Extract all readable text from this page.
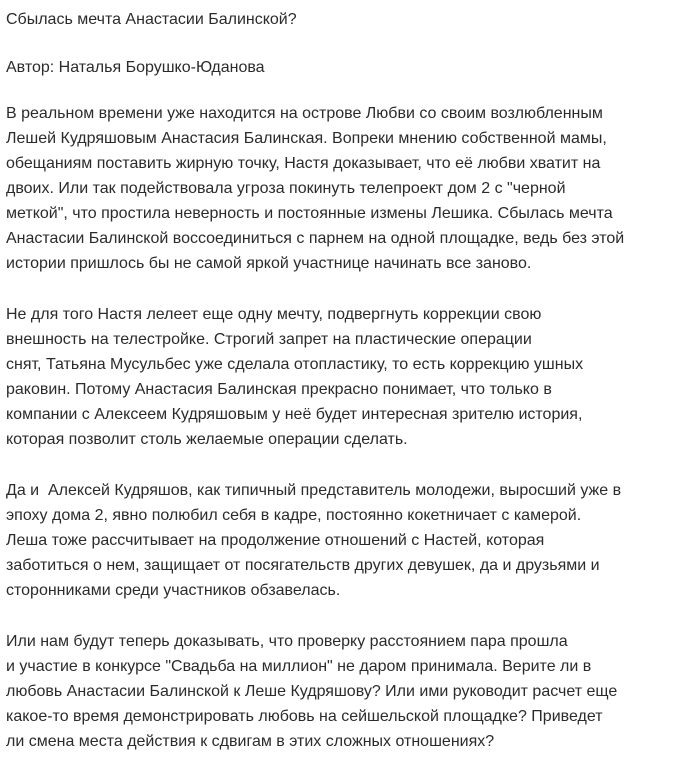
Сбылась мечта Анастасии Балинской?
Автор: Наталья Борушко-Юданова
В реальном времени уже находится на острове Любви со своим возлюбленным
Лешей Кудряшовым Анастасия Балинская. Вопреки мнению собственной мамы,
обещаниям поставить жирную точку, Настя доказывает, что её любви хватит на
двоих. Или так подействовала угроза покинуть телепроект дом 2 с "черной
меткой", что простила неверность и постоянные измены Лешика. Сбылась мечта
Анастасии Балинской воссоединиться с парнем на одной площадке, ведь без этой
истории пришлось бы не самой яркой участнице начинать все заново.
Не для того Настя лелеет еще одну мечту, подвергнуть коррекции свою
внешность на телестройке. Строгий запрет на пластические операции
снят, Татьяна Мусульбес уже сделала отопластику, то есть коррекцию ушных
раковин. Потому Анастасия Балинская прекрасно понимает, что только в
компании с Алексеем Кудряшовым у неё будет интересная зрителю история,
которая позволит столь желаемые операции сделать.
Да и  Алексей Кудряшов, как типичный представитель молодежи, выросший уже в
эпоху дома 2, явно полюбил себя в кадре, постоянно кокетничает с камерой.
Леша тоже рассчитывает на продолжение отношений с Настей, которая
заботиться о нем, защищает от посягательств других девушек, да и друзьями и
сторонниками среди участников обзавелась.
Или нам будут теперь доказывать, что проверку расстоянием пара прошла
и участие в конкурсе "Свадьба на миллион" не даром принимала. Верите ли в
любовь Анастасии Балинской к Леше Кудряшову? Или ими руководит расчет еще
какое-то время демонстрировать любовь на сейшельской площадке? Приведет
ли смена места действия к сдвигам в этих сложных отношениях?
